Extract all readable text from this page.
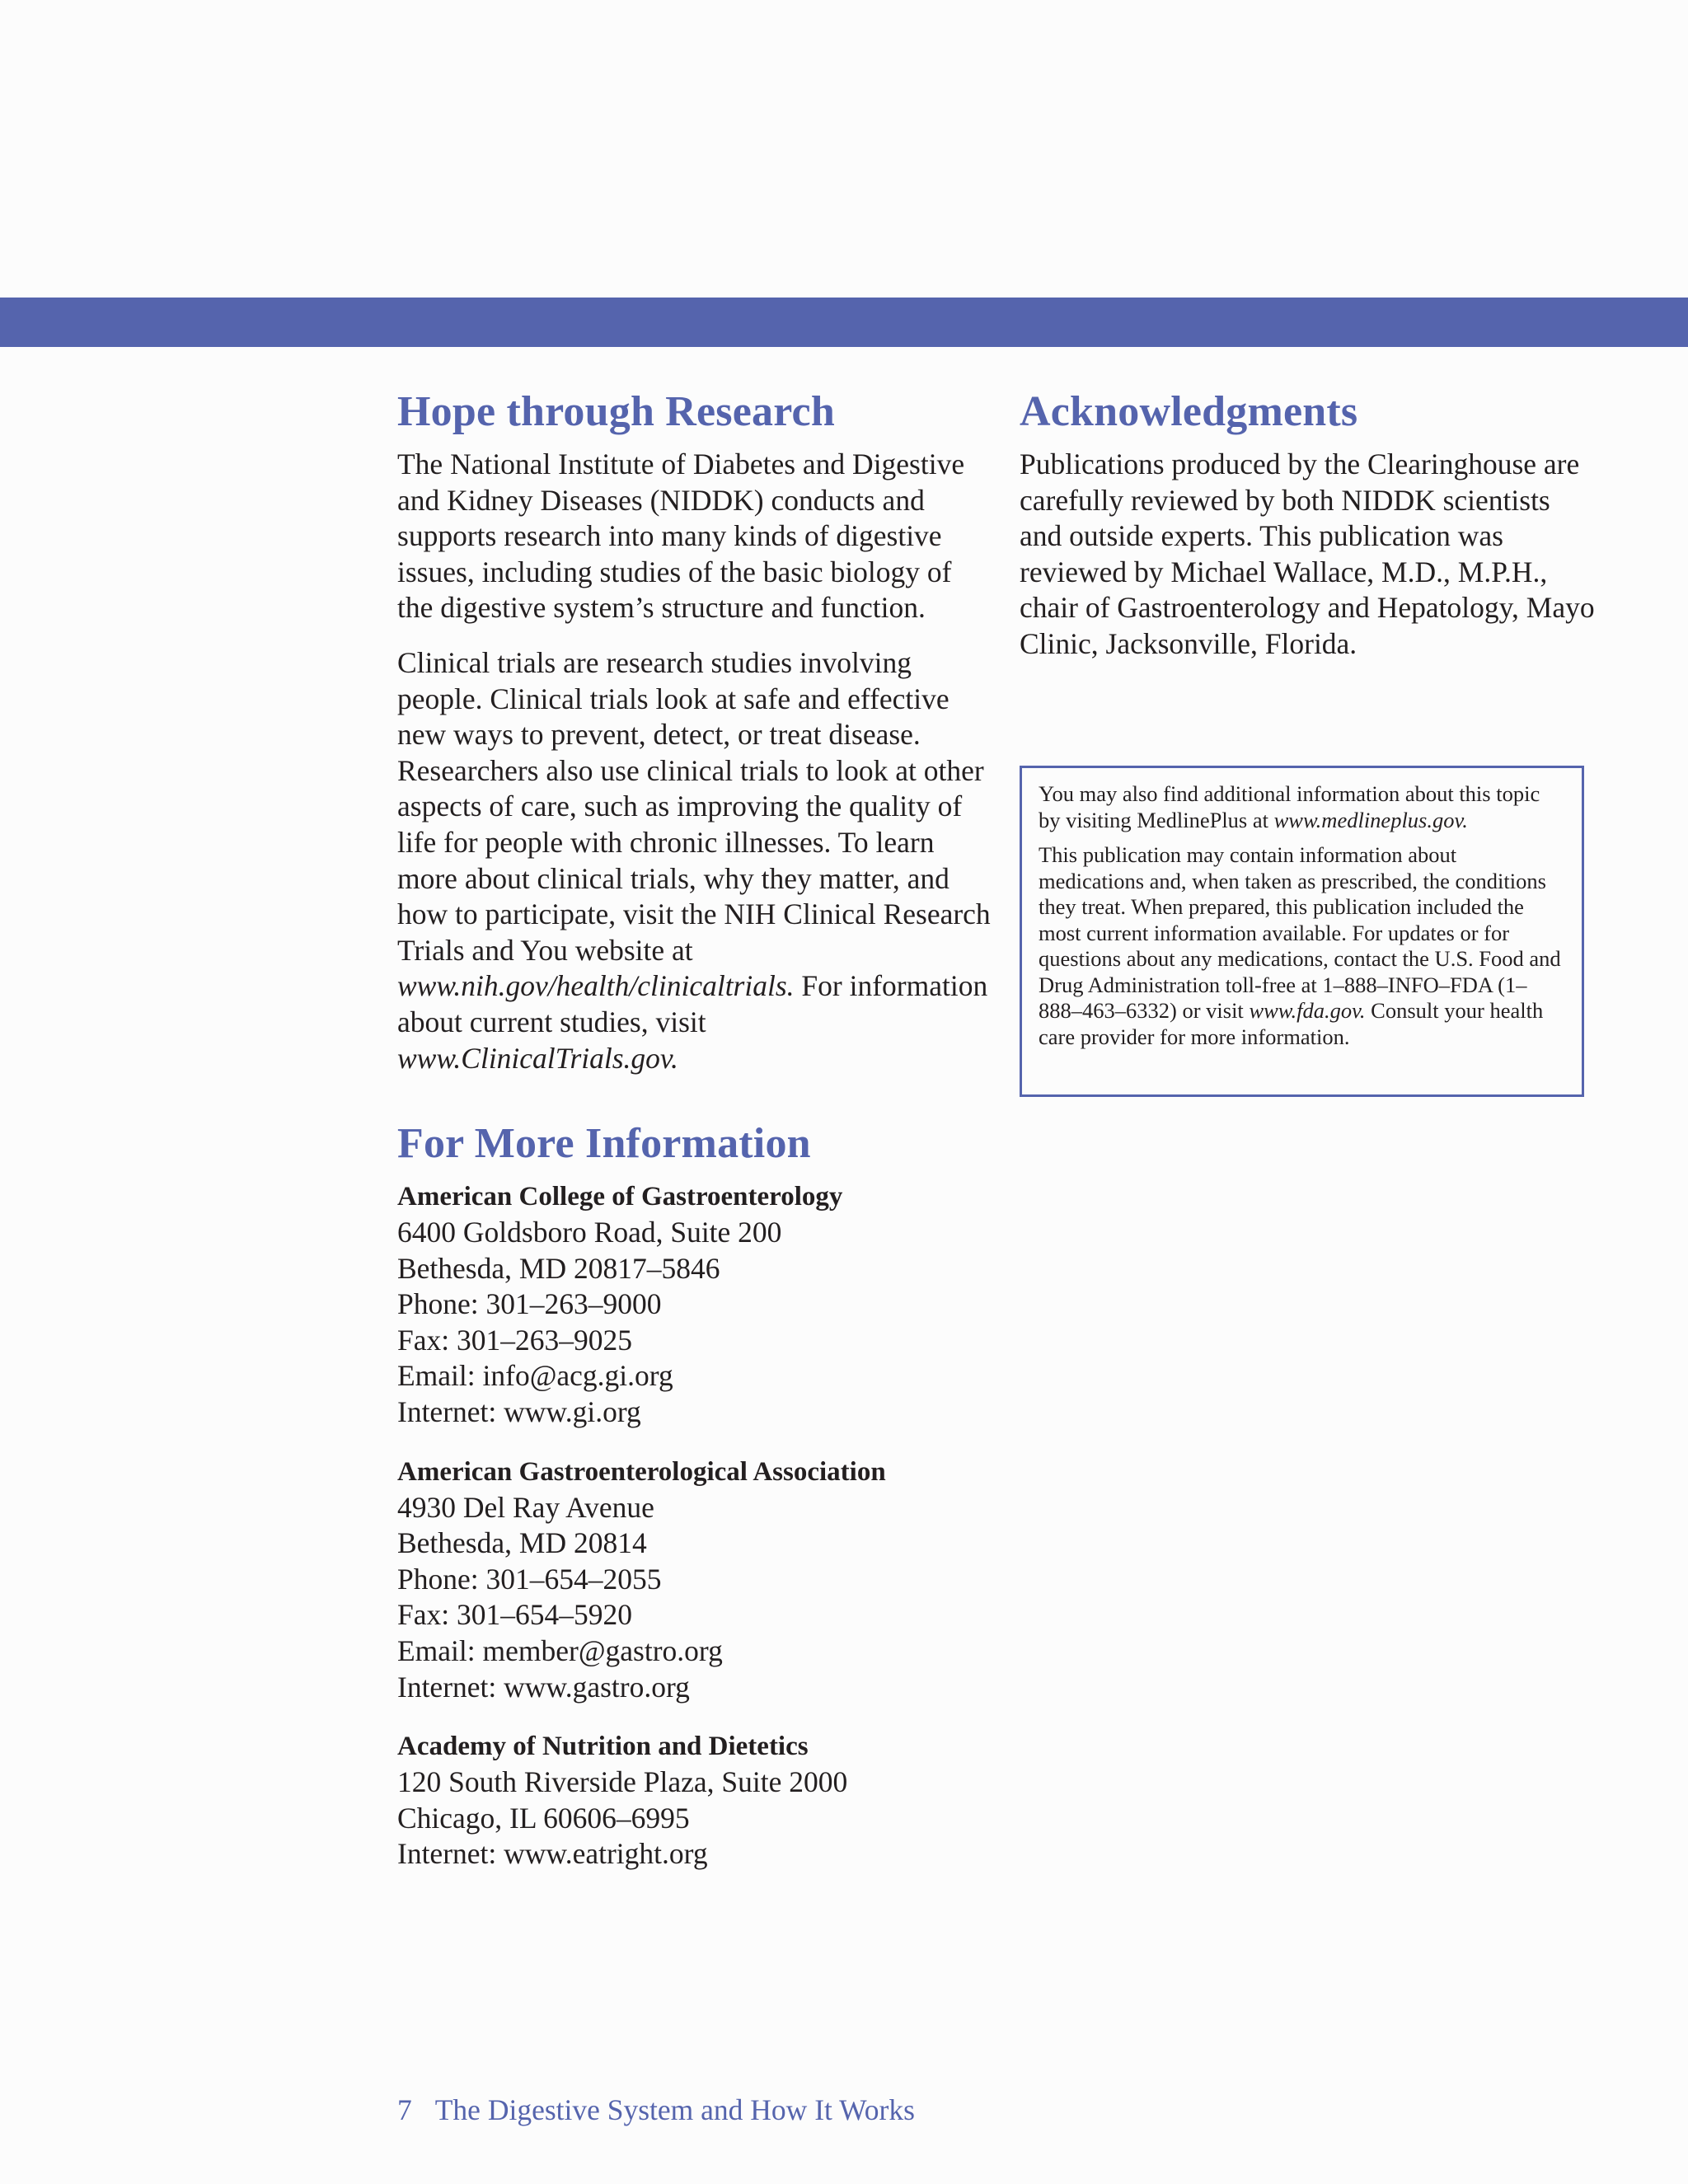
Hope through Research

The National Institute of Diabetes and Digestive and Kidney Diseases (NIDDK) conducts and supports research into many kinds of digestive issues, including studies of the basic biology of the digestive system’s structure and function.

Clinical trials are research studies involving people. Clinical trials look at safe and effective new ways to prevent, detect, or treat disease. Researchers also use clinical trials to look at other aspects of care, such as improving the quality of life for people with chronic illnesses. To learn more about clinical trials, why they matter, and how to participate, visit the NIH Clinical Research Trials and You website at www.nih.gov/health/clinicaltrials. For information about current studies, visit www.ClinicalTrials.gov.

For More Information
American College of Gastroenterology
6400 Goldsboro Road, Suite 200
Bethesda, MD 20817–5846
Phone: 301–263–9000
Fax: 301–263–9025
Email: info@acg.gi.org
Internet: www.gi.org
American Gastroenterological Association
4930 Del Ray Avenue
Bethesda, MD 20814
Phone: 301–654–2055
Fax: 301–654–5920
Email: member@gastro.org
Internet: www.gastro.org
Academy of Nutrition and Dietetics
120 South Riverside Plaza, Suite 2000
Chicago, IL 60606–6995
Internet: www.eatright.org
Acknowledgments

Publications produced by the Clearinghouse are carefully reviewed by both NIDDK scientists and outside experts. This publication was reviewed by Michael Wallace, M.D., M.P.H., chair of Gastroenterology and Hepatology, Mayo Clinic, Jacksonville, Florida.

You may also find additional information about this topic by visiting MedlinePlus at www.medlineplus.gov.

This publication may contain information about medications and, when taken as prescribed, the conditions they treat. When prepared, this publication included the most current information available. For updates or for questions about any medications, contact the U.S. Food and Drug Administration toll-free at 1–888–INFO–FDA (1–888–463–6332) or visit www.fda.gov. Consult your health care provider for more information.

7 The Digestive System and How It Works
